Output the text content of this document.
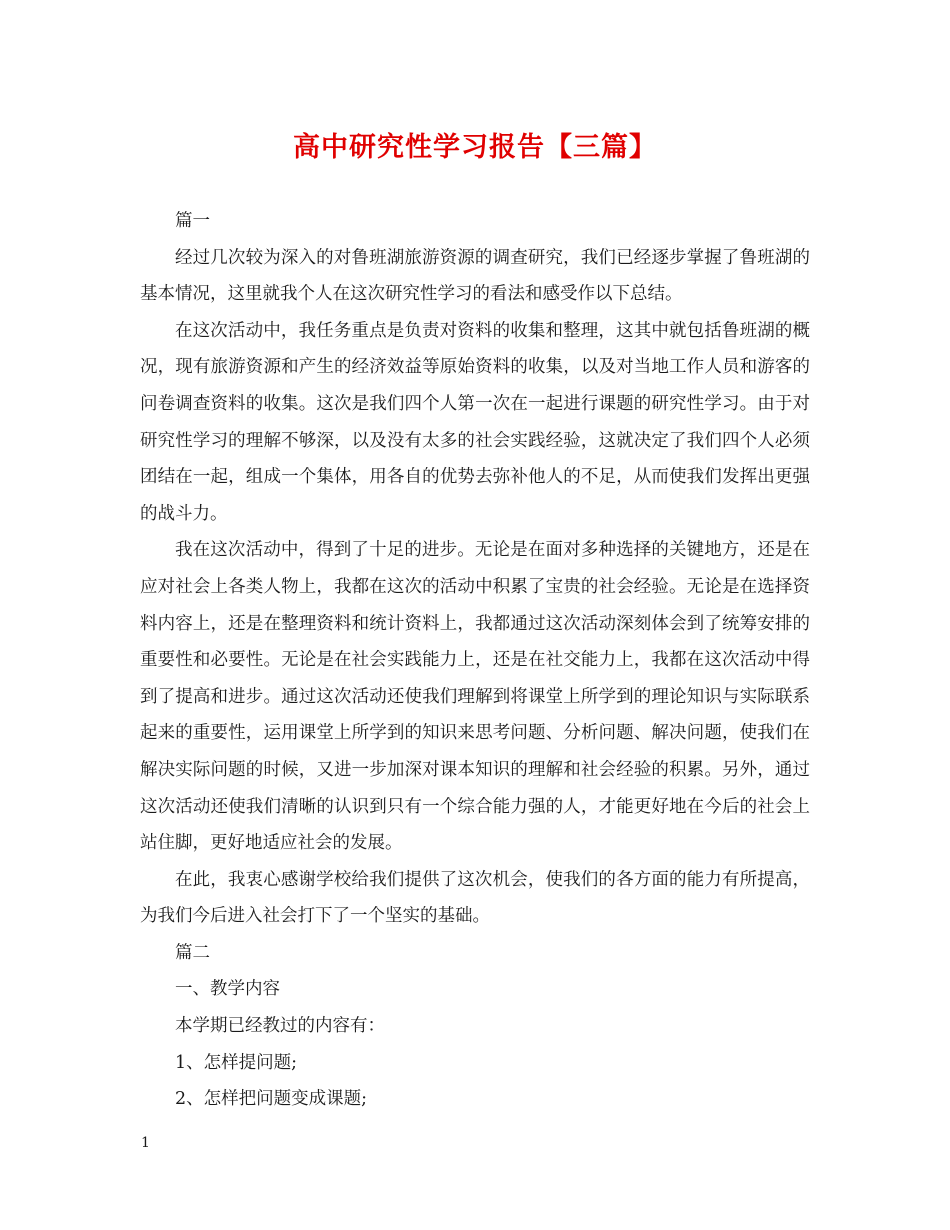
高中研究性学习报告【三篇】

篇一

经过几次较为深入的对鲁班湖旅游资源的调查研究，我们已经逐步掌握了鲁班湖的基本情况，这里就我个人在这次研究性学习的看法和感受作以下总结。

在这次活动中，我任务重点是负责对资料的收集和整理，这其中就包括鲁班湖的概况，现有旅游资源和产生的经济效益等原始资料的收集，以及对当地工作人员和游客的问卷调查资料的收集。这次是我们四个人第一次在一起进行课题的研究性学习。由于对研究性学习的理解不够深，以及没有太多的社会实践经验，这就决定了我们四个人必须团结在一起，组成一个集体，用各自的优势去弥补他人的不足，从而使我们发挥出更强的战斗力。

我在这次活动中，得到了十足的进步。无论是在面对多种选择的关键地方，还是在应对社会上各类人物上，我都在这次的活动中积累了宝贵的社会经验。无论是在选择资料内容上，还是在整理资料和统计资料上，我都通过这次活动深刻体会到了统筹安排的重要性和必要性。无论是在社会实践能力上，还是在社交能力上，我都在这次活动中得到了提高和进步。通过这次活动还使我们理解到将课堂上所学到的理论知识与实际联系起来的重要性，运用课堂上所学到的知识来思考问题、分析问题、解决问题，使我们在解决实际问题的时候，又进一步加深对课本知识的理解和社会经验的积累。另外，通过这次活动还使我们清晰的认识到只有一个综合能力强的人，才能更好地在今后的社会上站住脚，更好地适应社会的发展。

在此，我衷心感谢学校给我们提供了这次机会，使我们的各方面的能力有所提高，为我们今后进入社会打下了一个坚实的基础。

篇二

一、教学内容

本学期已经教过的内容有：

1、怎样提问题;

2、怎样把问题变成课题;

1
